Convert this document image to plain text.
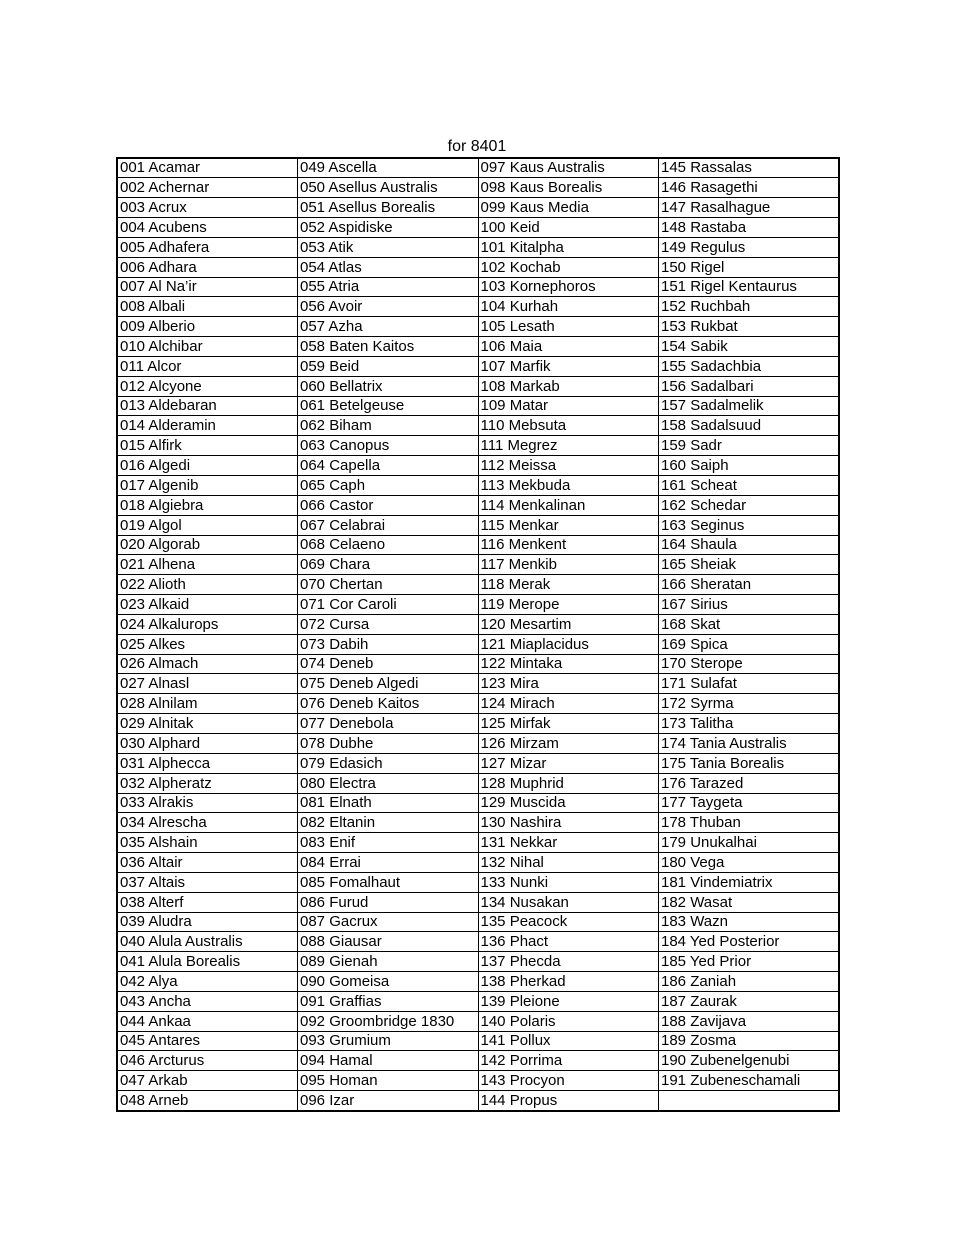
for 8401
001 Acamar	049 Ascella	097 Kaus Australis	145 Rassalas
002 Achernar	050 Asellus Australis	098 Kaus Borealis	146 Rasagethi
003 Acrux	051 Asellus Borealis	099 Kaus Media	147 Rasalhague
004 Acubens	052 Aspidiske	100 Keid	148 Rastaba
005 Adhafera	053 Atik	101 Kitalpha	149 Regulus
006 Adhara	054 Atlas	102 Kochab	150 Rigel
007 Al Na’ir	055 Atria	103 Kornephoros	151 Rigel Kentaurus
008 Albali	056 Avoir	104 Kurhah	152 Ruchbah
009 Alberio	057 Azha	105 Lesath	153 Rukbat
010 Alchibar	058 Baten Kaitos	106 Maia	154 Sabik
011 Alcor	059 Beid	107 Marfik	155 Sadachbia
012 Alcyone	060 Bellatrix	108 Markab	156 Sadalbari
013 Aldebaran	061 Betelgeuse	109 Matar	157 Sadalmelik
014 Alderamin	062 Biham	110 Mebsuta	158 Sadalsuud
015 Alfirk	063 Canopus	111 Megrez	159 Sadr
016 Algedi	064 Capella	112 Meissa	160 Saiph
017 Algenib	065 Caph	113 Mekbuda	161 Scheat
018 Algiebra	066 Castor	114 Menkalinan	162 Schedar
019 Algol	067 Celabrai	115 Menkar	163 Seginus
020 Algorab	068 Celaeno	116 Menkent	164 Shaula
021 Alhena	069 Chara	117 Menkib	165 Sheiak
022 Alioth	070 Chertan	118 Merak	166 Sheratan
023 Alkaid	071 Cor Caroli	119 Merope	167 Sirius
024 Alkalurops	072 Cursa	120 Mesartim	168 Skat
025 Alkes	073 Dabih	121 Miaplacidus	169 Spica
026 Almach	074 Deneb	122 Mintaka	170 Sterope
027 Alnasl	075 Deneb Algedi	123 Mira	171 Sulafat
028 Alnilam	076 Deneb Kaitos	124 Mirach	172 Syrma
029 Alnitak	077 Denebola	125 Mirfak	173 Talitha
030 Alphard	078 Dubhe	126 Mirzam	174 Tania Australis
031 Alphecca	079 Edasich	127 Mizar	175 Tania Borealis
032 Alpheratz	080 Electra	128 Muphrid	176 Tarazed
033 Alrakis	081 Elnath	129 Muscida	177 Taygeta
034 Alrescha	082 Eltanin	130 Nashira	178 Thuban
035 Alshain	083 Enif	131 Nekkar	179 Unukalhai
036 Altair	084 Errai	132 Nihal	180 Vega
037 Altais	085 Fomalhaut	133 Nunki	181 Vindemiatrix
038 Alterf	086 Furud	134 Nusakan	182 Wasat
039 Aludra	087 Gacrux	135 Peacock	183 Wazn
040 Alula Australis	088 Giausar	136 Phact	184 Yed Posterior
041 Alula Borealis	089 Gienah	137 Phecda	185 Yed Prior
042 Alya	090 Gomeisa	138 Pherkad	186 Zaniah
043 Ancha	091 Graffias	139 Pleione	187 Zaurak
044 Ankaa	092 Groombridge 1830	140 Polaris	188 Zavijava
045 Antares	093 Grumium	141 Pollux	189 Zosma
046 Arcturus	094 Hamal	142 Porrima	190 Zubenelgenubi
047 Arkab	095 Homan	143 Procyon	191 Zubeneschamali
048 Arneb	096 Izar	144 Propus	
